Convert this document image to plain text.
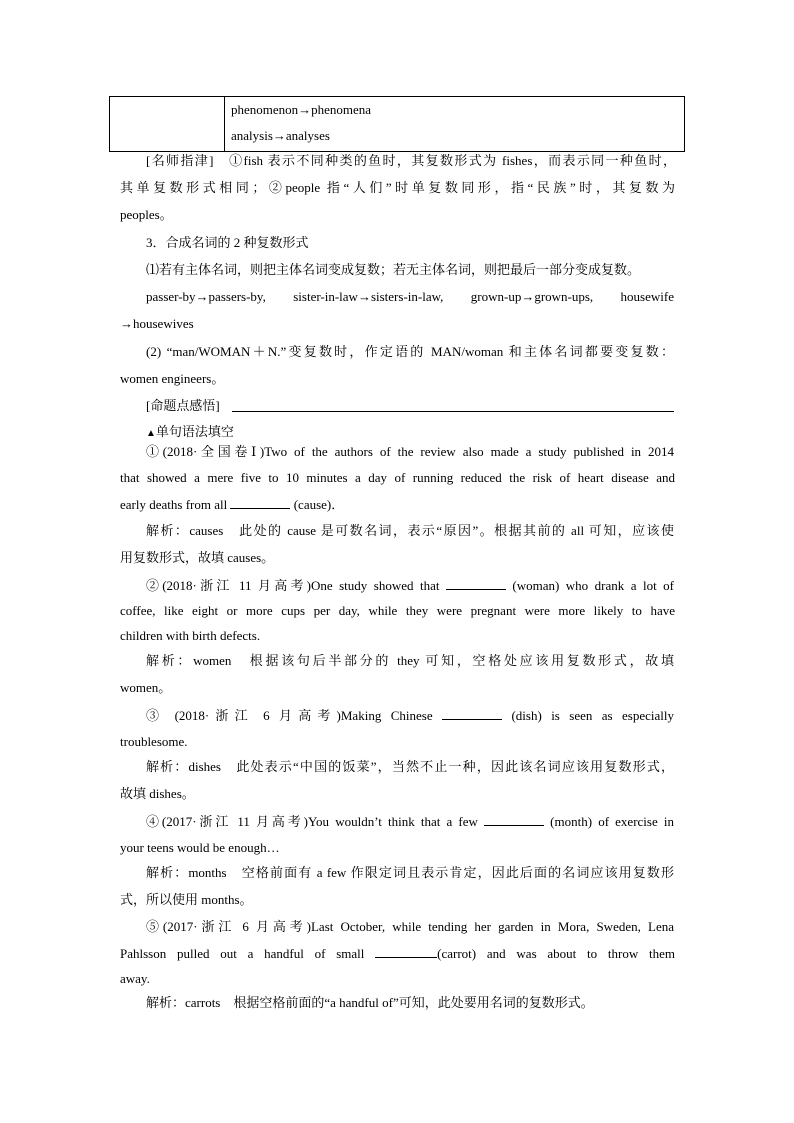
phenomenon→phenomena
analysis→analyses
[名师指津]　①fish 表示不同种类的鱼时，其复数形式为 fishes，而表示同一种鱼时，
其单复数形式相同；②people 指“人们”时单复数同形，指“民族”时，其复数为
peoples。
3．合成名词的 2 种复数形式
⑴若有主体名词，则把主体名词变成复数；若无主体名词，则把最后一部分变成复数。
passer-by→passers-by, sister-in-law→sisters-in-law, grown-up→grown-ups, housewife
→housewives
(2) “man/WOMAN＋N.”变复数时，作定语的 MAN/woman 和主体名词都要变复数：
women engineers。
[命题点感悟]
▲单句语法填空
①(2018·全国卷Ⅰ)Two of the authors of the review also made a study published in 2014
that showed a mere five to 10 minutes a day of running reduced the risk of heart disease and
early deaths from all	(cause)．
解析：causes　此处的 cause 是可数名词，表示“原因”。根据其前的 all 可知，应该使
用复数形式，故填 causes。
②(2018·浙江 11 月高考)One study showed that	(woman) who drank a lot of
coffee, like eight or more cups per day, while they were pregnant were more likely to have
children with birth defects.
解析：women　根据该句后半部分的 they 可知，空格处应该用复数形式，故填
women。
③ (2018·浙江 6 月高考)Making Chinese	(dish) is seen as especially
troublesome.
解析：dishes　此处表示“中国的饭菜”，当然不止一种，因此该名词应该用复数形式，
故填 dishes。
④(2017·浙江 11 月高考)You wouldn’t think that a few	(month) of exercise in
your teens would be enough…
解析：months　空格前面有 a few 作限定词且表示肯定，因此后面的名词应该用复数形
式，所以使用 months。
⑤(2017·浙江 6 月高考)Last October, while tending her garden in Mora, Sweden, Lena
Pahlsson pulled out a handful of small	(carrot) and was about to throw them
away.
解析：carrots　根据空格前面的“a handful of”可知，此处要用名词的复数形式。
